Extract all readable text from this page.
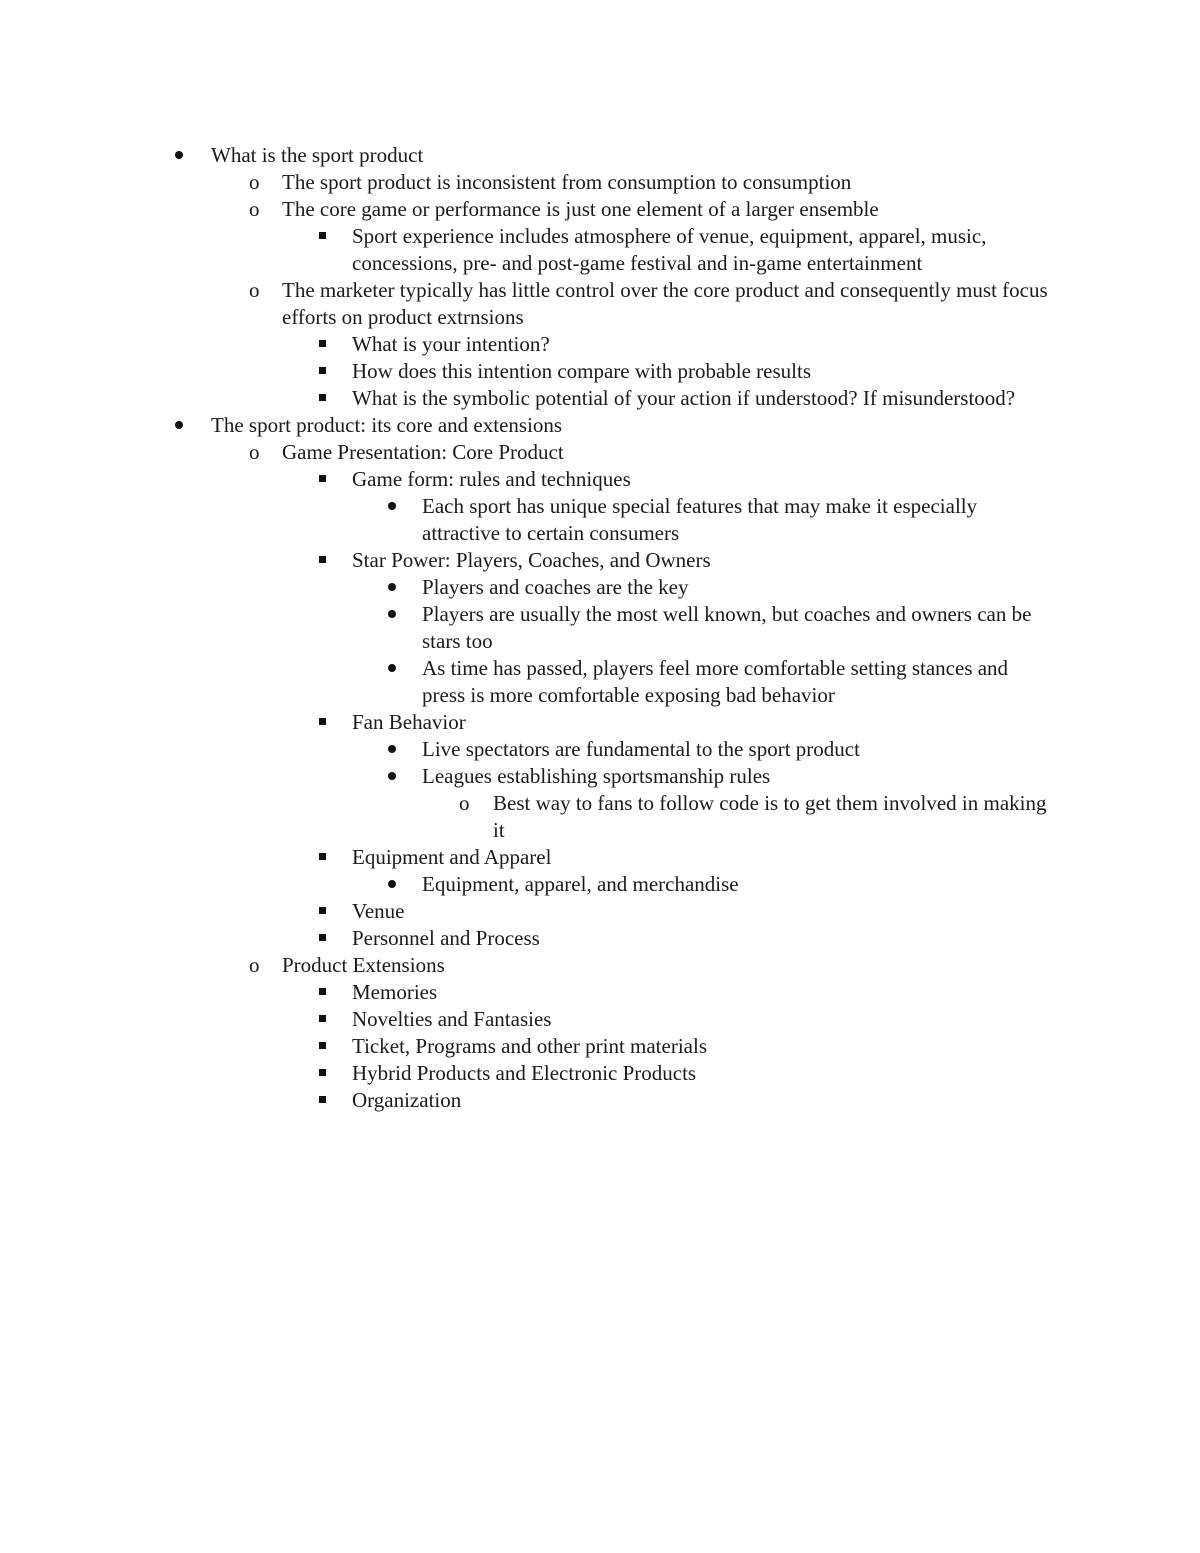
What is the sport product
o	The sport product is inconsistent from consumption to consumption
o	The core game or performance is just one element of a larger ensemble
Sport experience includes atmosphere of venue, equipment, apparel, music, concessions, pre- and post-game festival and in-game entertainment
o	The marketer typically has little control over the core product and consequently must focus efforts on product extrnsions
What is your intention?
How does this intention compare with probable results
What is the symbolic potential of your action if understood? If misunderstood?
The sport product: its core and extensions
o	Game Presentation: Core Product
Game form: rules and techniques
Each sport has unique special features that may make it especially attractive to certain consumers
Star Power: Players, Coaches, and Owners
Players and coaches are the key
Players are usually the most well known, but coaches and owners can be stars too
As time has passed, players feel more comfortable setting stances and press is more comfortable exposing bad behavior
Fan Behavior
Live spectators are fundamental to the sport product
Leagues establishing sportsmanship rules
o	Best way to fans to follow code is to get them involved in making it
Equipment and Apparel
Equipment, apparel, and merchandise
Venue
Personnel and Process
o	Product Extensions
Memories
Novelties and Fantasies
Ticket, Programs and other print materials
Hybrid Products and Electronic Products
Organization
